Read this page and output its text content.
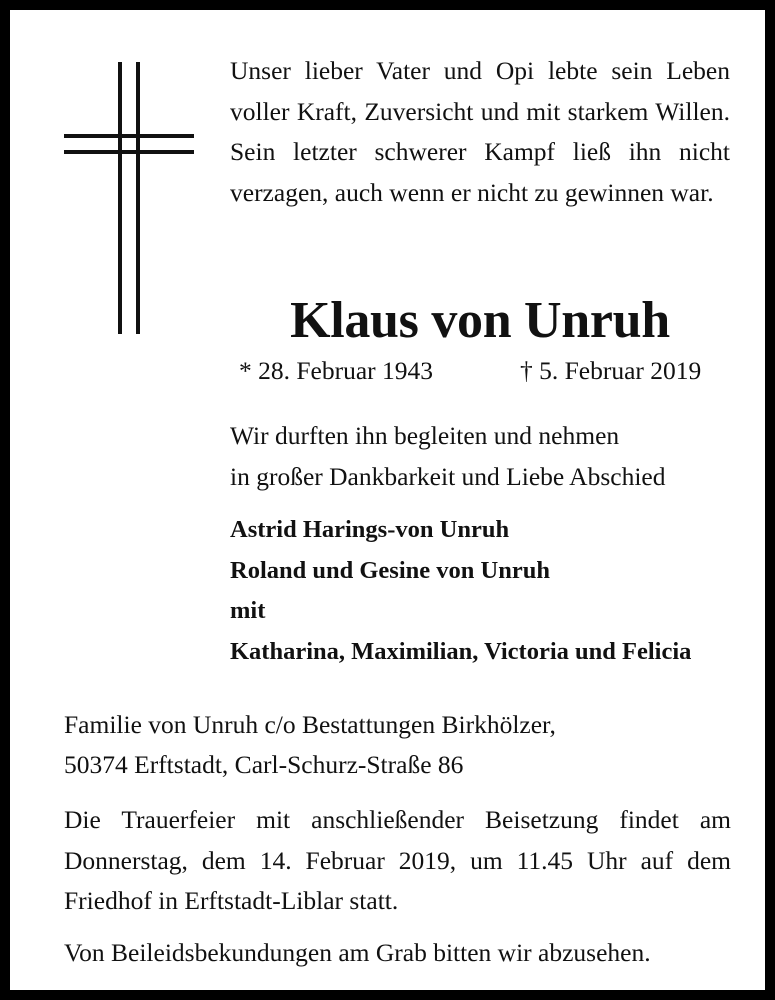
Unser lieber Vater und Opi lebte sein Leben voller Kraft, Zuversicht und mit starkem Willen. Sein letzter schwerer Kampf ließ ihn nicht verzagen, auch wenn er nicht zu gewinnen war.

Klaus von Unruh

* 28. Februar 1943	† 5. Februar 2019

Wir durften ihn begleiten und nehmen
in großer Dankbarkeit und Liebe Abschied

Astrid Harings-von Unruh
Roland und Gesine von Unruh
mit
Katharina, Maximilian, Victoria und Felicia

Familie von Unruh c/o Bestattungen Birkhölzer,
50374 Erftstadt, Carl-Schurz-Straße 86

Die Trauerfeier mit anschließender Beisetzung findet am Donnerstag, dem 14. Februar 2019, um 11.45 Uhr auf dem Friedhof in Erftstadt-Liblar statt.

Von Beileidsbekundungen am Grab bitten wir abzusehen.
